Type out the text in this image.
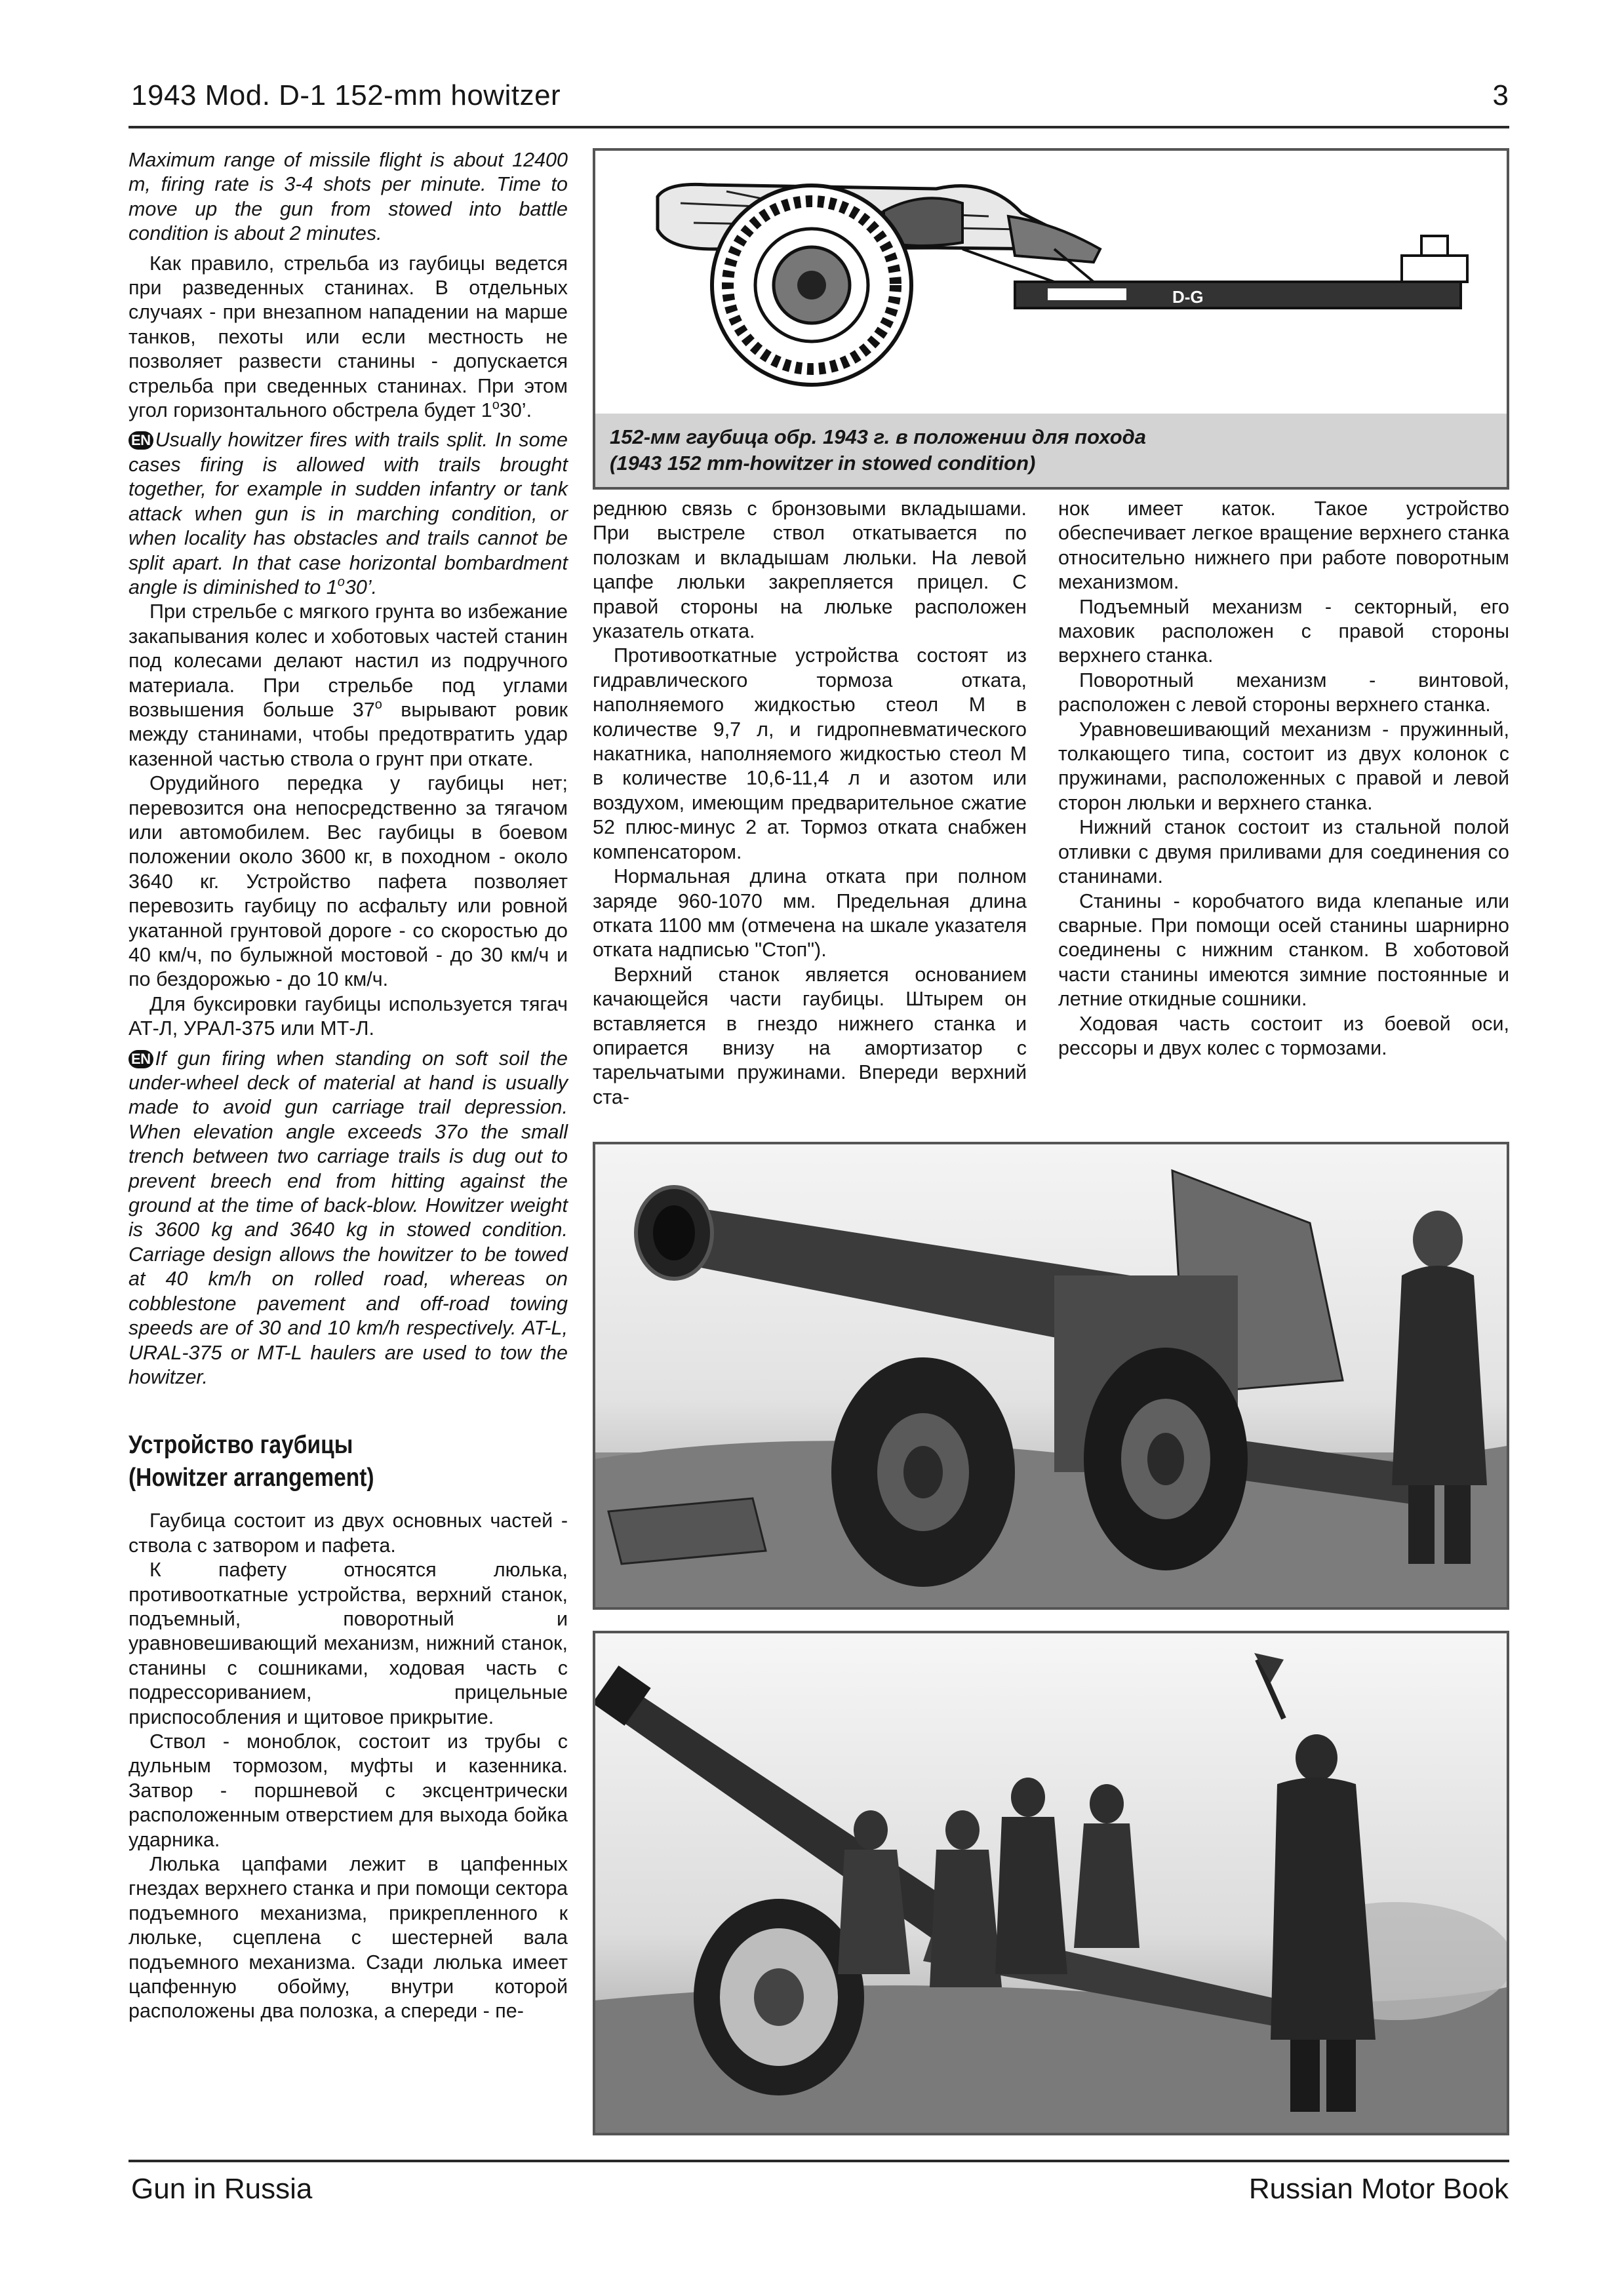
1943 Mod. D-1 152-mm howitzer	3

Maximum range of missile flight is about 12400 m, firing rate is 3-4 shots per minute. Time to move up the gun from stowed into battle condition is about 2 minutes.

Как правило, стрельба из гаубицы ведется при разведенных станинах. В отдельных случаях - при внезапном нападении на марше танков, пехоты или если местность не позволяет развести станины - допускается стрельба при сведенных станинах. При этом угол горизонтального обстрела будет $1^о30$’.

EN Usually howitzer fires with trails split. In some cases firing is allowed with trails brought together, for example in sudden infantry or tank attack when gun is in marching condition, or when locality has obstacles and trails cannot be split apart. In that case horizontal bombardment angle is diminished to 1$^o$30’.

При стрельбе с мягкого грунта во избежание закапывания колес и хоботовых частей станин под колесами делают настил из подручного материала. При стрельбе под углами возвышения больше $37^о$ вырывают ровик между станинами, чтобы предотвратить удар казенной частью ствола о грунт при откате.

Орудийного передка у гаубицы нет; перевозится она непосредственно за тягачом или автомобилем. Вес гаубицы в боевом положении около 3600 кг, в походном - около 3640 кг. Устройство пафета позволяет перевозить гаубицу по асфальту или ровной укатанной грунтовой дороге - со скоростью до 40 км/ч, по булыжной мостовой - до 30 км/ч и по бездорожью - до 10 км/ч.

Для буксировки гаубицы используется тягач АТ-Л, УРАЛ-375 или МТ-Л.

EN If gun firing when standing on soft soil the under-wheel deck of material at hand is usually made to avoid gun carriage trail depression. When elevation angle exceeds 37o the small trench between two carriage trails is dug out to prevent breech end from hitting against the ground at the time of back-blow. Howitzer weight is 3600 kg and 3640 kg in stowed condition. Carriage design allows the howitzer to be towed at 40 km/h on rolled road, whereas on cobblestone pavement and off-road towing speeds are of 30 and 10 km/h respectively. AT-L, URAL-375 or MT-L haulers are used to tow the howitzer.

Устройство гаубицы
(Howitzer arrangement)

Гаубица состоит из двух основных частей - ствола с затвором и пафета.

К пафету относятся люлька, противооткатные устройства, верхний станок, подъемный, поворотный и уравновешивающий механизм, нижний станок, станины с сошниками, ходовая часть с подрессориванием, прицельные приспособления и щитовое прикрытие.

Ствол - моноблок, состоит из трубы с дульным тормозом, муфты и казенника. Затвор - поршневой с эксцентрически расположенным отверстием для выхода бойка ударника.

Люлька цапфами лежит в цапфенных гнездах верхнего станка и при помощи сектора подъемного механизма, прикрепленного к люльке, сцеплена с шестерней вала подъемного механизма. Сзади люлька имеет цапфенную обойму, внутри которой расположены два полозка, а спереди - пе-

D-G
152-мм гаубица обр. 1943 г. в положении для похода
(1943 152 mm-howitzer in stowed condition)

реднюю связь с бронзовыми вкладышами. При выстреле ствол откатывается по полозкам и вкладышам люльки. На левой цапфе люльки закрепляется прицел. С правой стороны на люльке расположен указатель отката.

Противооткатные устройства состоят из гидравлического тормоза отката, наполняемого жидкостью стеол М в количестве 9,7 л, и гидропневматического накатника, наполняемого жидкостью стеол М в количестве 10,6-11,4 л и азотом или воздухом, имеющим предварительное сжатие 52 плюс-минус 2 ат. Тормоз отката снабжен компенсатором.

Нормальная длина отката при полном заряде 960-1070 мм. Предельная длина отката 1100 мм (отмечена на шкале указателя отката надписью "Стоп").

Верхний станок является основанием качающейся части гаубицы. Штырем он вставляется в гнездо нижнего станка и опирается внизу на амортизатор с тарельчатыми пружинами. Впереди верхний ста-

нок имеет каток. Такое устройство обеспечивает легкое вращение верхнего станка относительно нижнего при работе поворотным механизмом.

Подъемный механизм - секторный, его маховик расположен с правой стороны верхнего станка.

Поворотный механизм - винтовой, расположен с левой стороны верхнего станка.

Уравновешивающий механизм - пружинный, толкающего типа, состоит из двух колонок с пружинами, расположенных с правой и левой сторон люльки и верхнего станка.

Нижний станок состоит из стальной полой отливки с двумя приливами для соединения со станинами.

Станины - коробчатого вида клепаные или сварные. При помощи осей станины шарнирно соединены с нижним станком. В хоботовой части станины имеются зимние постоянные и летние откидные сошники.

Ходовая часть состоит из боевой оси, рессоры и двух колес с тормозами.

Gun in Russia	Russian Motor Book
